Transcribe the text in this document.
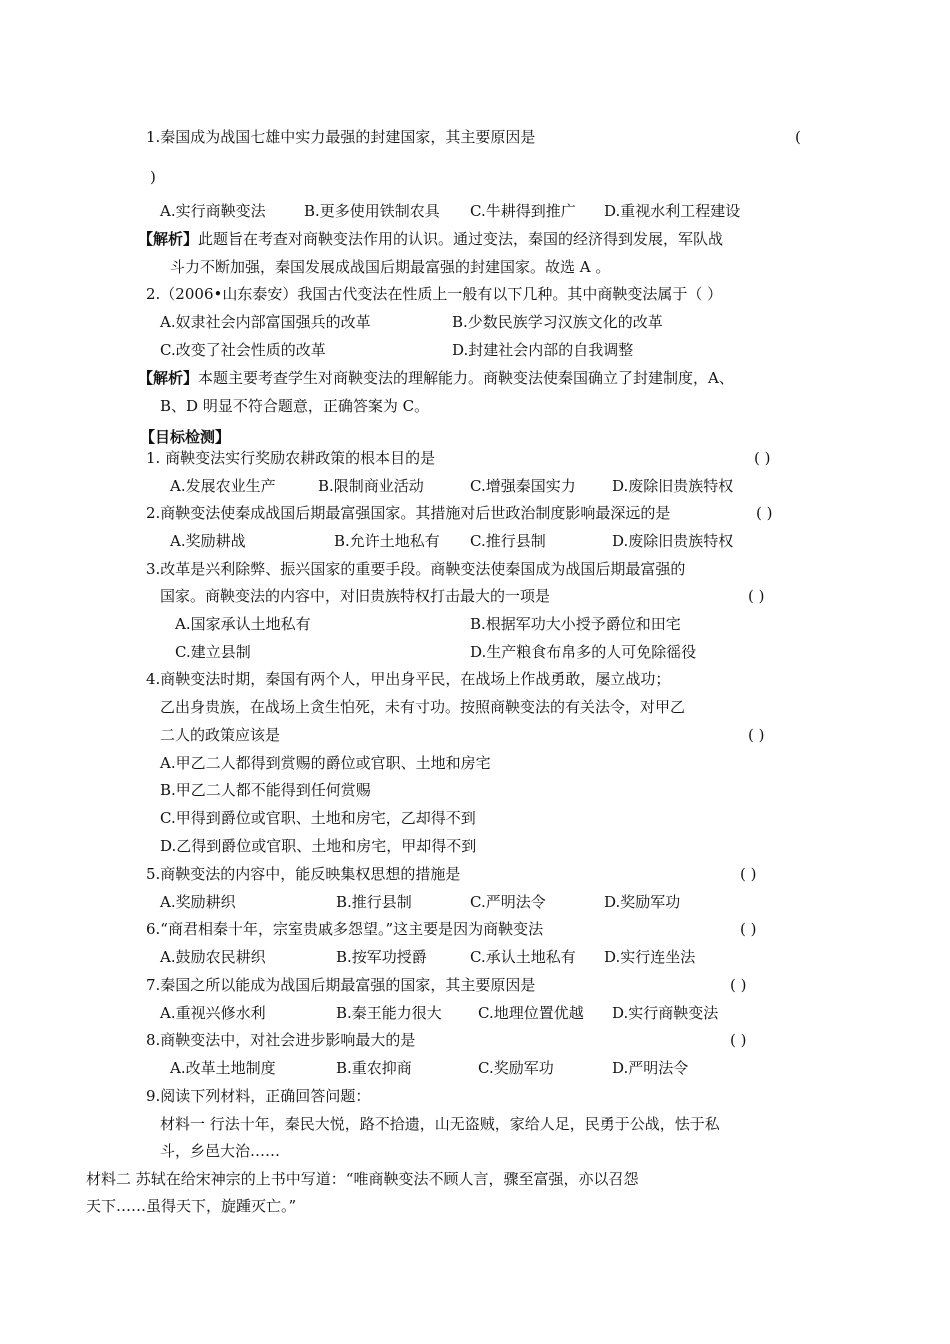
1.秦国成为战国七雄中实力最强的封建国家，其主要原因是	(
)
A.实行商鞅变法	B.更多使用铁制农具 C.牛耕得到推广 D.重视水利工程建设
【解析】此题旨在考查对商鞅变法作用的认识。通过变法，秦国的经济得到发展，军队战
斗力不断加强，秦国发展成战国后期最富强的封建国家。故选 A 。
2.（2006•山东泰安）我国古代变法在性质上一般有以下几种。其中商鞅变法属于（ ）
A.奴隶社会内部富国强兵的改革	B.少数民族学习汉族文化的改革
C.改变了社会性质的改革	D.封建社会内部的自我调整
【解析】本题主要考查学生对商鞅变法的理解能力。商鞅变法使秦国确立了封建制度，A、
B、D 明显不符合题意，正确答案为 C。
【目标检测】
1. 商鞅变法实行奖励农耕政策的根本目的是	( )
A.发展农业生产	B.限制商业活动	C.增强秦国实力 D.废除旧贵族特权
2.商鞅变法使秦成战国后期最富强国家。其措施对后世政治制度影响最深远的是	( )
A.奖励耕战	B.允许土地私有 C.推行县制	D.废除旧贵族特权
3.改革是兴利除弊、振兴国家的重要手段。商鞅变法使秦国成为战国后期最富强的
国家。商鞅变法的内容中，对旧贵族特权打击最大的一项是	( )
A.国家承认土地私有	B.根据军功大小授予爵位和田宅
C.建立县制	D.生产粮食布帛多的人可免除徭役
4.商鞅变法时期，秦国有两个人，甲出身平民，在战场上作战勇敢，屡立战功；
乙出身贵族，在战场上贪生怕死，未有寸功。按照商鞅变法的有关法令，对甲乙
二人的政策应该是	( )
A.甲乙二人都得到赏赐的爵位或官职、土地和房宅
B.甲乙二人都不能得到任何赏赐
C.甲得到爵位或官职、土地和房宅，乙却得不到
D.乙得到爵位或官职、土地和房宅，甲却得不到
5.商鞅变法的内容中，能反映集权思想的措施是	( )
A.奖励耕织	B.推行县制	C.严明法令	D.奖励军功
6.“商君相秦十年，宗室贵戚多怨望。”这主要是因为商鞅变法	( )
A.鼓励农民耕织	B.按军功授爵	C.承认土地私有 D.实行连坐法
7.秦国之所以能成为战国后期最富强的国家，其主要原因是	( )
A.重视兴修水利	B.秦王能力很大 C.地理位置优越 D.实行商鞅变法
8.商鞅变法中，对社会进步影响最大的是	( )
A.改革土地制度	B.重农抑商	C.奖励军功	D.严明法令
9.阅读下列材料，正确回答问题：
材料一 行法十年，秦民大悦，路不拾遗，山无盗贼，家给人足，民勇于公战，怯于私
斗，乡邑大治……
材料二 苏轼在给宋神宗的上书中写道：“唯商鞅变法不顾人言，骤至富强，亦以召怨
天下……虽得天下，旋踵灭亡。”
